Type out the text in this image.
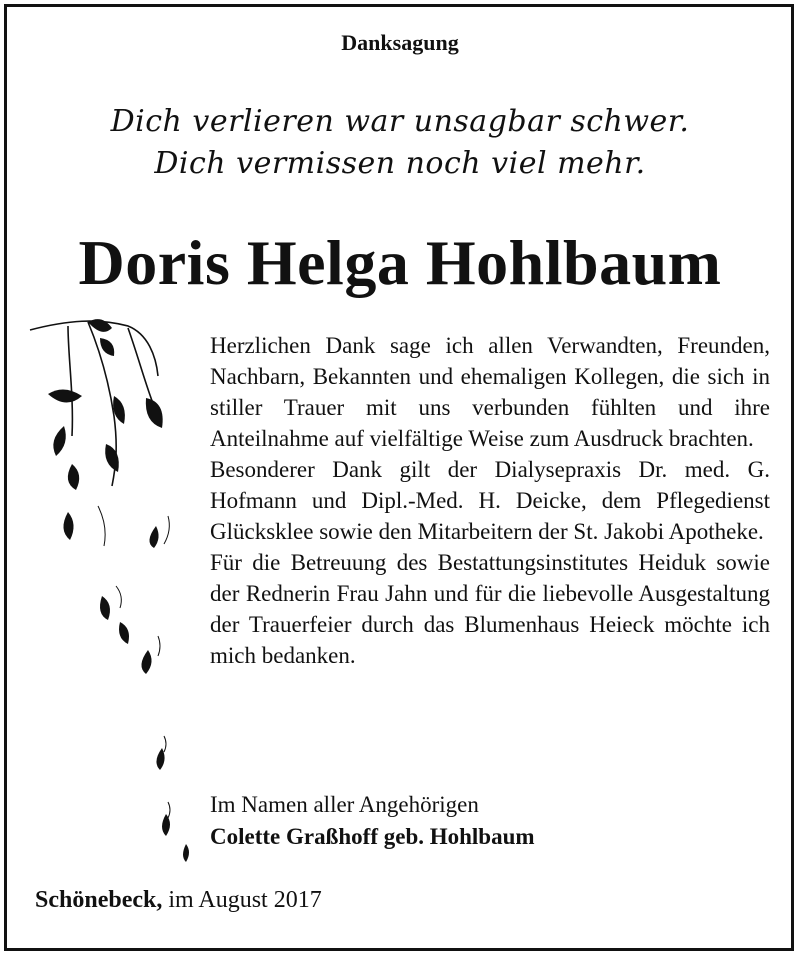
Danksagung
Dich verlieren war unsagbar schwer.
Dich vermissen noch viel mehr.
Doris Helga Hohlbaum

Herzlichen Dank sage ich allen Verwandten, Freunden, Nachbarn, Bekannten und ehemaligen Kollegen, die sich in stiller Trauer mit uns verbunden fühlten und ihre Anteilnahme auf vielfältige Weise zum Ausdruck brachten.

Besonderer Dank gilt der Dialysepraxis Dr. med. G. Hofmann und Dipl.-Med. H. Deicke, dem Pflegedienst Glücksklee sowie den Mitarbeitern der St. Jakobi Apotheke.

Für die Betreuung des Bestattungsinstitutes Heiduk sowie der Rednerin Frau Jahn und für die liebevolle Ausgestaltung der Trauerfeier durch das Blumenhaus Heieck möchte ich mich bedanken.

Im Namen aller Angehörigen
Colette Graßhoff geb. Hohlbaum
Schönebeck, im August 2017
